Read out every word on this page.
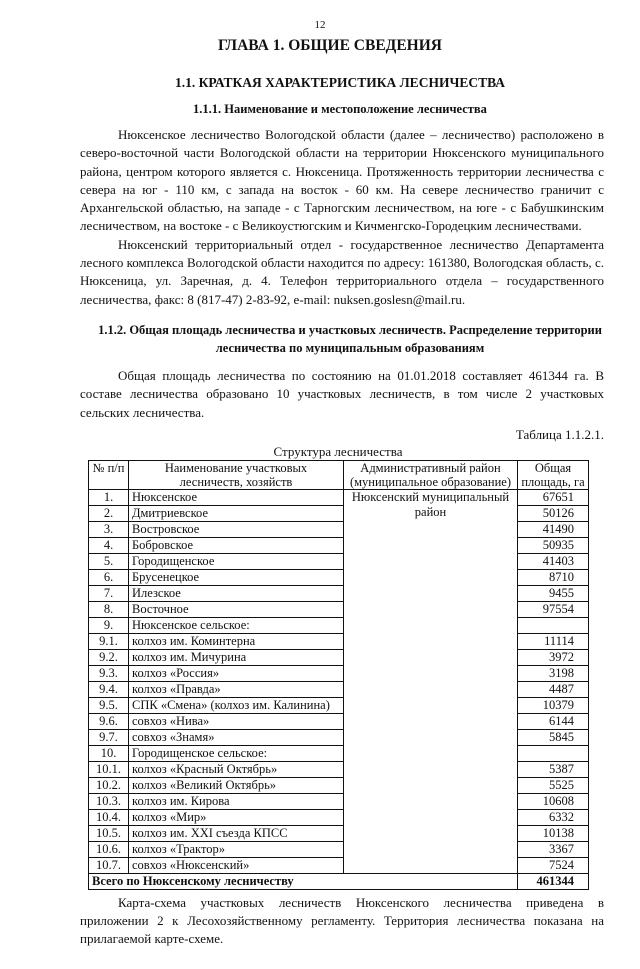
12
ГЛАВА 1. ОБЩИЕ СВЕДЕНИЯ
1.1. КРАТКАЯ ХАРАКТЕРИСТИКА ЛЕСНИЧЕСТВА
1.1.1. Наименование и местоположение лесничества

Нюксенское лесничество Вологодской области (далее – лесничество) расположено в северо-восточной части Вологодской области на территории Нюксенского муниципального района, центром которого является с. Нюксеница. Протяженность территории лесничества с севера на юг - 110 км, с запада на восток - 60 км. На севере лесничество граничит с Архангельской областью, на западе - с Тарногским лесничеством, на юге - с Бабушкинским лесничеством, на востоке - с Великоустюгским и Кичменгско-Городецким лесничествами.

Нюксенский территориальный отдел - государственное лесничество Департамента лесного комплекса Вологодской области находится по адресу: 161380, Вологодская область, с. Нюксеница, ул. Заречная, д. 4. Телефон территориального отдела – государственного лесничества, факс: 8 (817-47) 2-83-92, e-mail: nuksen.goslesn@mail.ru.

1.1.2. Общая площадь лесничества и участковых лесничеств. Распределение территории лесничества по муниципальным образованиям

Общая площадь лесничества по состоянию на 01.01.2018 составляет 461344 га. В составе лесничества образовано 10 участковых лесничеств, в том числе 2 участковых сельских лесничества.

Таблица 1.1.2.1.
Структура лесничества
№ п/п	Наименование участковых лесничеств, хозяйств	Административный район (муниципальное образование)	Общая площадь, га
1.	Нюксенское	Нюксенский муниципальный район	67651
2.	Дмитриевское		50126
3.	Востровское		41490
4.	Бобровское		50935
5.	Городищенское		41403
6.	Брусенецкое		8710
7.	Илезское		9455
8.	Восточное		97554
9.	Нюксенское сельское:		
9.1.	колхоз им. Коминтерна		11114
9.2.	колхоз им. Мичурина		3972
9.3.	колхоз «Россия»		3198
9.4.	колхоз «Правда»		4487
9.5.	СПК «Смена» (колхоз им. Калинина)		10379
9.6.	совхоз «Нива»		6144
9.7.	совхоз «Знамя»		5845
10.	Городищенское сельское:		
10.1.	колхоз «Красный Октябрь»		5387
10.2.	колхоз «Великий Октябрь»		5525
10.3.	колхоз им. Кирова		10608
10.4.	колхоз «Мир»		6332
10.5.	колхоз им. XXI съезда КПСС		10138
10.6.	колхоз «Трактор»		3367
10.7.	совхоз «Нюксенский»		7524
Всего по Нюксенскому лесничеству			461344

Карта-схема участковых лесничеств Нюксенского лесничества приведена в приложении 2 к Лесохозяйственному регламенту. Территория лесничества показана на прилагаемой карте-схеме.
